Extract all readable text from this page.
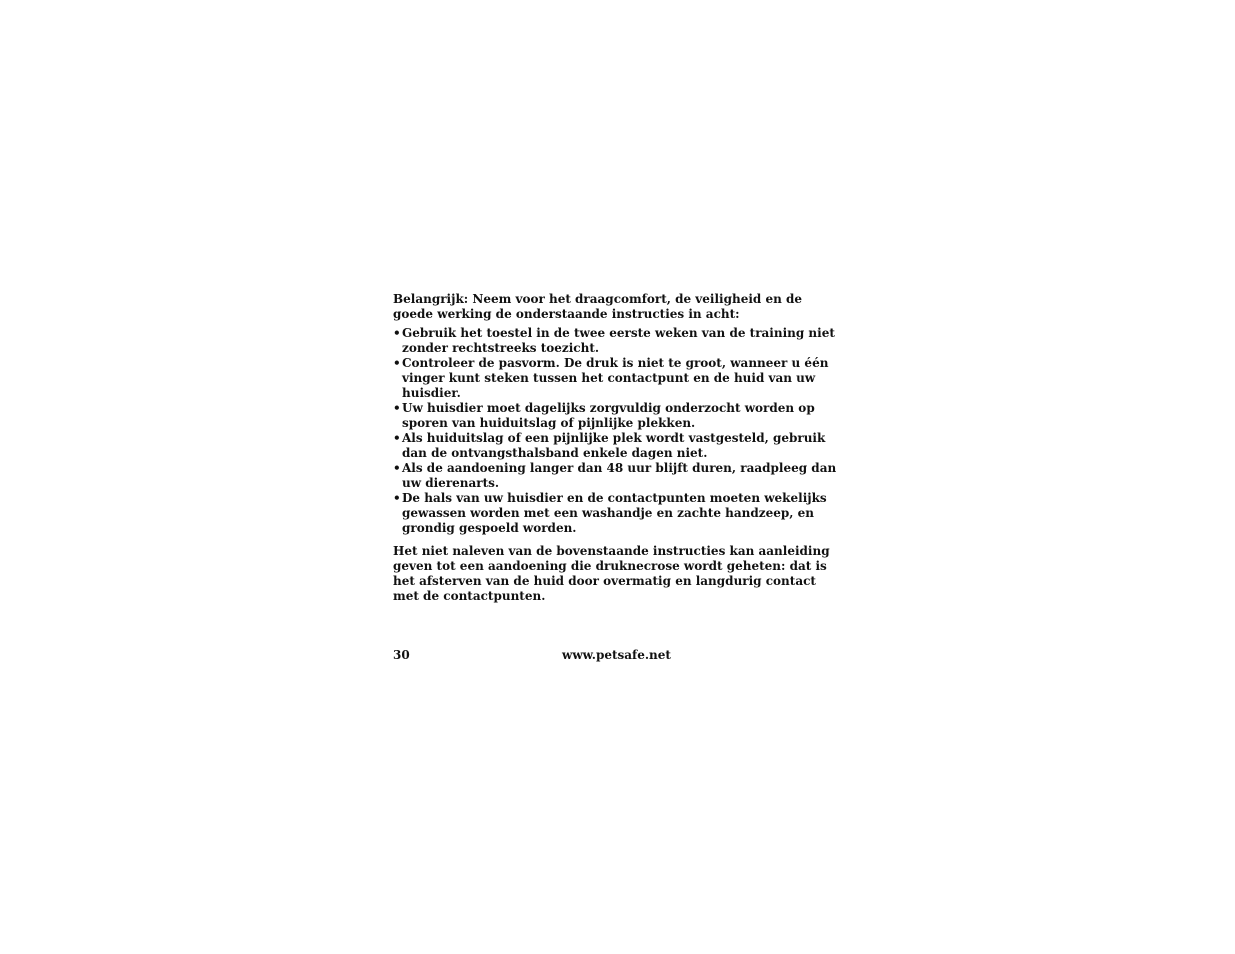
Belangrijk: Neem voor het draagcomfort, de veiligheid en de goede werking de onderstaande instructies in acht:

• Gebruik het toestel in de twee eerste weken van de training niet zonder rechtstreeks toezicht.
• Controleer de pasvorm. De druk is niet te groot, wanneer u één vinger kunt steken tussen het contactpunt en de huid van uw huisdier.
• Uw huisdier moet dagelijks zorgvuldig onderzocht worden op sporen van huiduitslag of pijnlijke plekken.
• Als huiduitslag of een pijnlijke plek wordt vastgesteld, gebruik dan de ontvangsthalsband enkele dagen niet.
• Als de aandoening langer dan 48 uur blijft duren, raadpleeg dan uw dierenarts.
• De hals van uw huisdier en de contactpunten moeten wekelijks gewassen worden met een washandje en zachte handzeep, en grondig gespoeld worden.

Het niet naleven van de bovenstaande instructies kan aanleiding geven tot een aandoening die druknecrose wordt geheten: dat is het afsterven van de huid door overmatig en langdurig contact met de contactpunten.

30	www.petsafe.net
